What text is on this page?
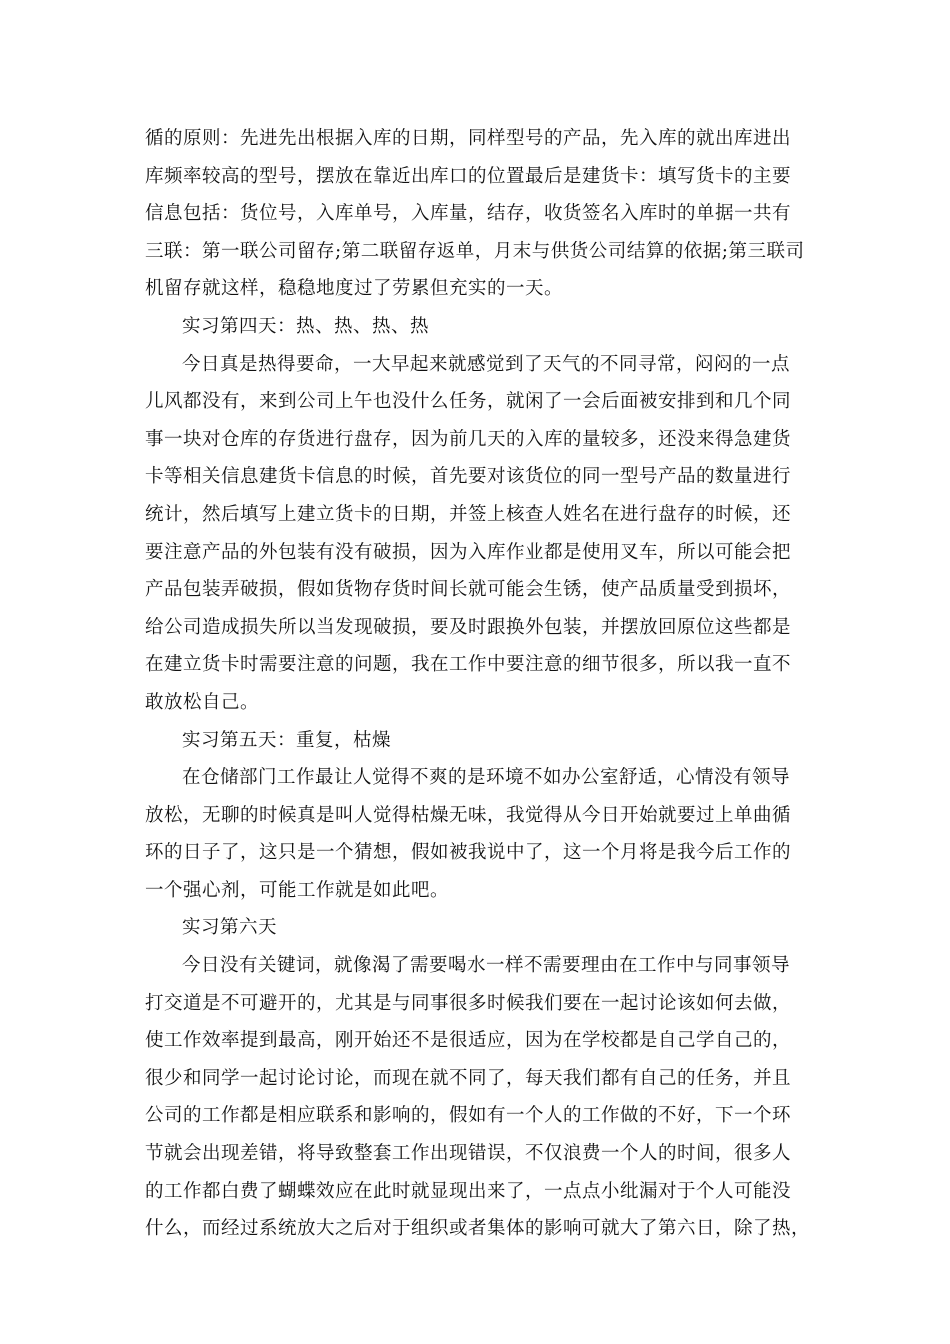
循的原则：先进先出根据入库的日期，同样型号的产品，先入库的就出库进出
库频率较高的型号，摆放在靠近出库口的位置最后是建货卡：填写货卡的主要
信息包括：货位号，入库单号，入库量，结存，收货签名入库时的单据一共有
三联：第一联公司留存;第二联留存返单，月末与供货公司结算的依据;第三联司
机留存就这样，稳稳地度过了劳累但充实的一天。
实习第四天：热、热、热、热
今日真是热得要命，一大早起来就感觉到了天气的不同寻常，闷闷的一点
儿风都没有，来到公司上午也没什么任务，就闲了一会后面被安排到和几个同
事一块对仓库的存货进行盘存，因为前几天的入库的量较多，还没来得急建货
卡等相关信息建货卡信息的时候，首先要对该货位的同一型号产品的数量进行
统计，然后填写上建立货卡的日期，并签上核查人姓名在进行盘存的时候，还
要注意产品的外包装有没有破损，因为入库作业都是使用叉车，所以可能会把
产品包装弄破损，假如货物存货时间长就可能会生锈，使产品质量受到损坏，
给公司造成损失所以当发现破损，要及时跟换外包装，并摆放回原位这些都是
在建立货卡时需要注意的问题，我在工作中要注意的细节很多，所以我一直不
敢放松自己。
实习第五天：重复，枯燥
在仓储部门工作最让人觉得不爽的是环境不如办公室舒适，心情没有领导
放松，无聊的时候真是叫人觉得枯燥无味，我觉得从今日开始就要过上单曲循
环的日子了，这只是一个猜想，假如被我说中了，这一个月将是我今后工作的
一个强心剂，可能工作就是如此吧。
实习第六天
今日没有关键词，就像渴了需要喝水一样不需要理由在工作中与同事领导
打交道是不可避开的，尤其是与同事很多时候我们要在一起讨论该如何去做，
使工作效率提到最高，刚开始还不是很适应，因为在学校都是自己学自己的，
很少和同学一起讨论讨论，而现在就不同了，每天我们都有自己的任务，并且
公司的工作都是相应联系和影响的，假如有一个人的工作做的不好，下一个环
节就会出现差错，将导致整套工作出现错误，不仅浪费一个人的时间，很多人
的工作都白费了蝴蝶效应在此时就显现出来了，一点点小纰漏对于个人可能没
什么，而经过系统放大之后对于组织或者集体的影响可就大了第六日，除了热，
